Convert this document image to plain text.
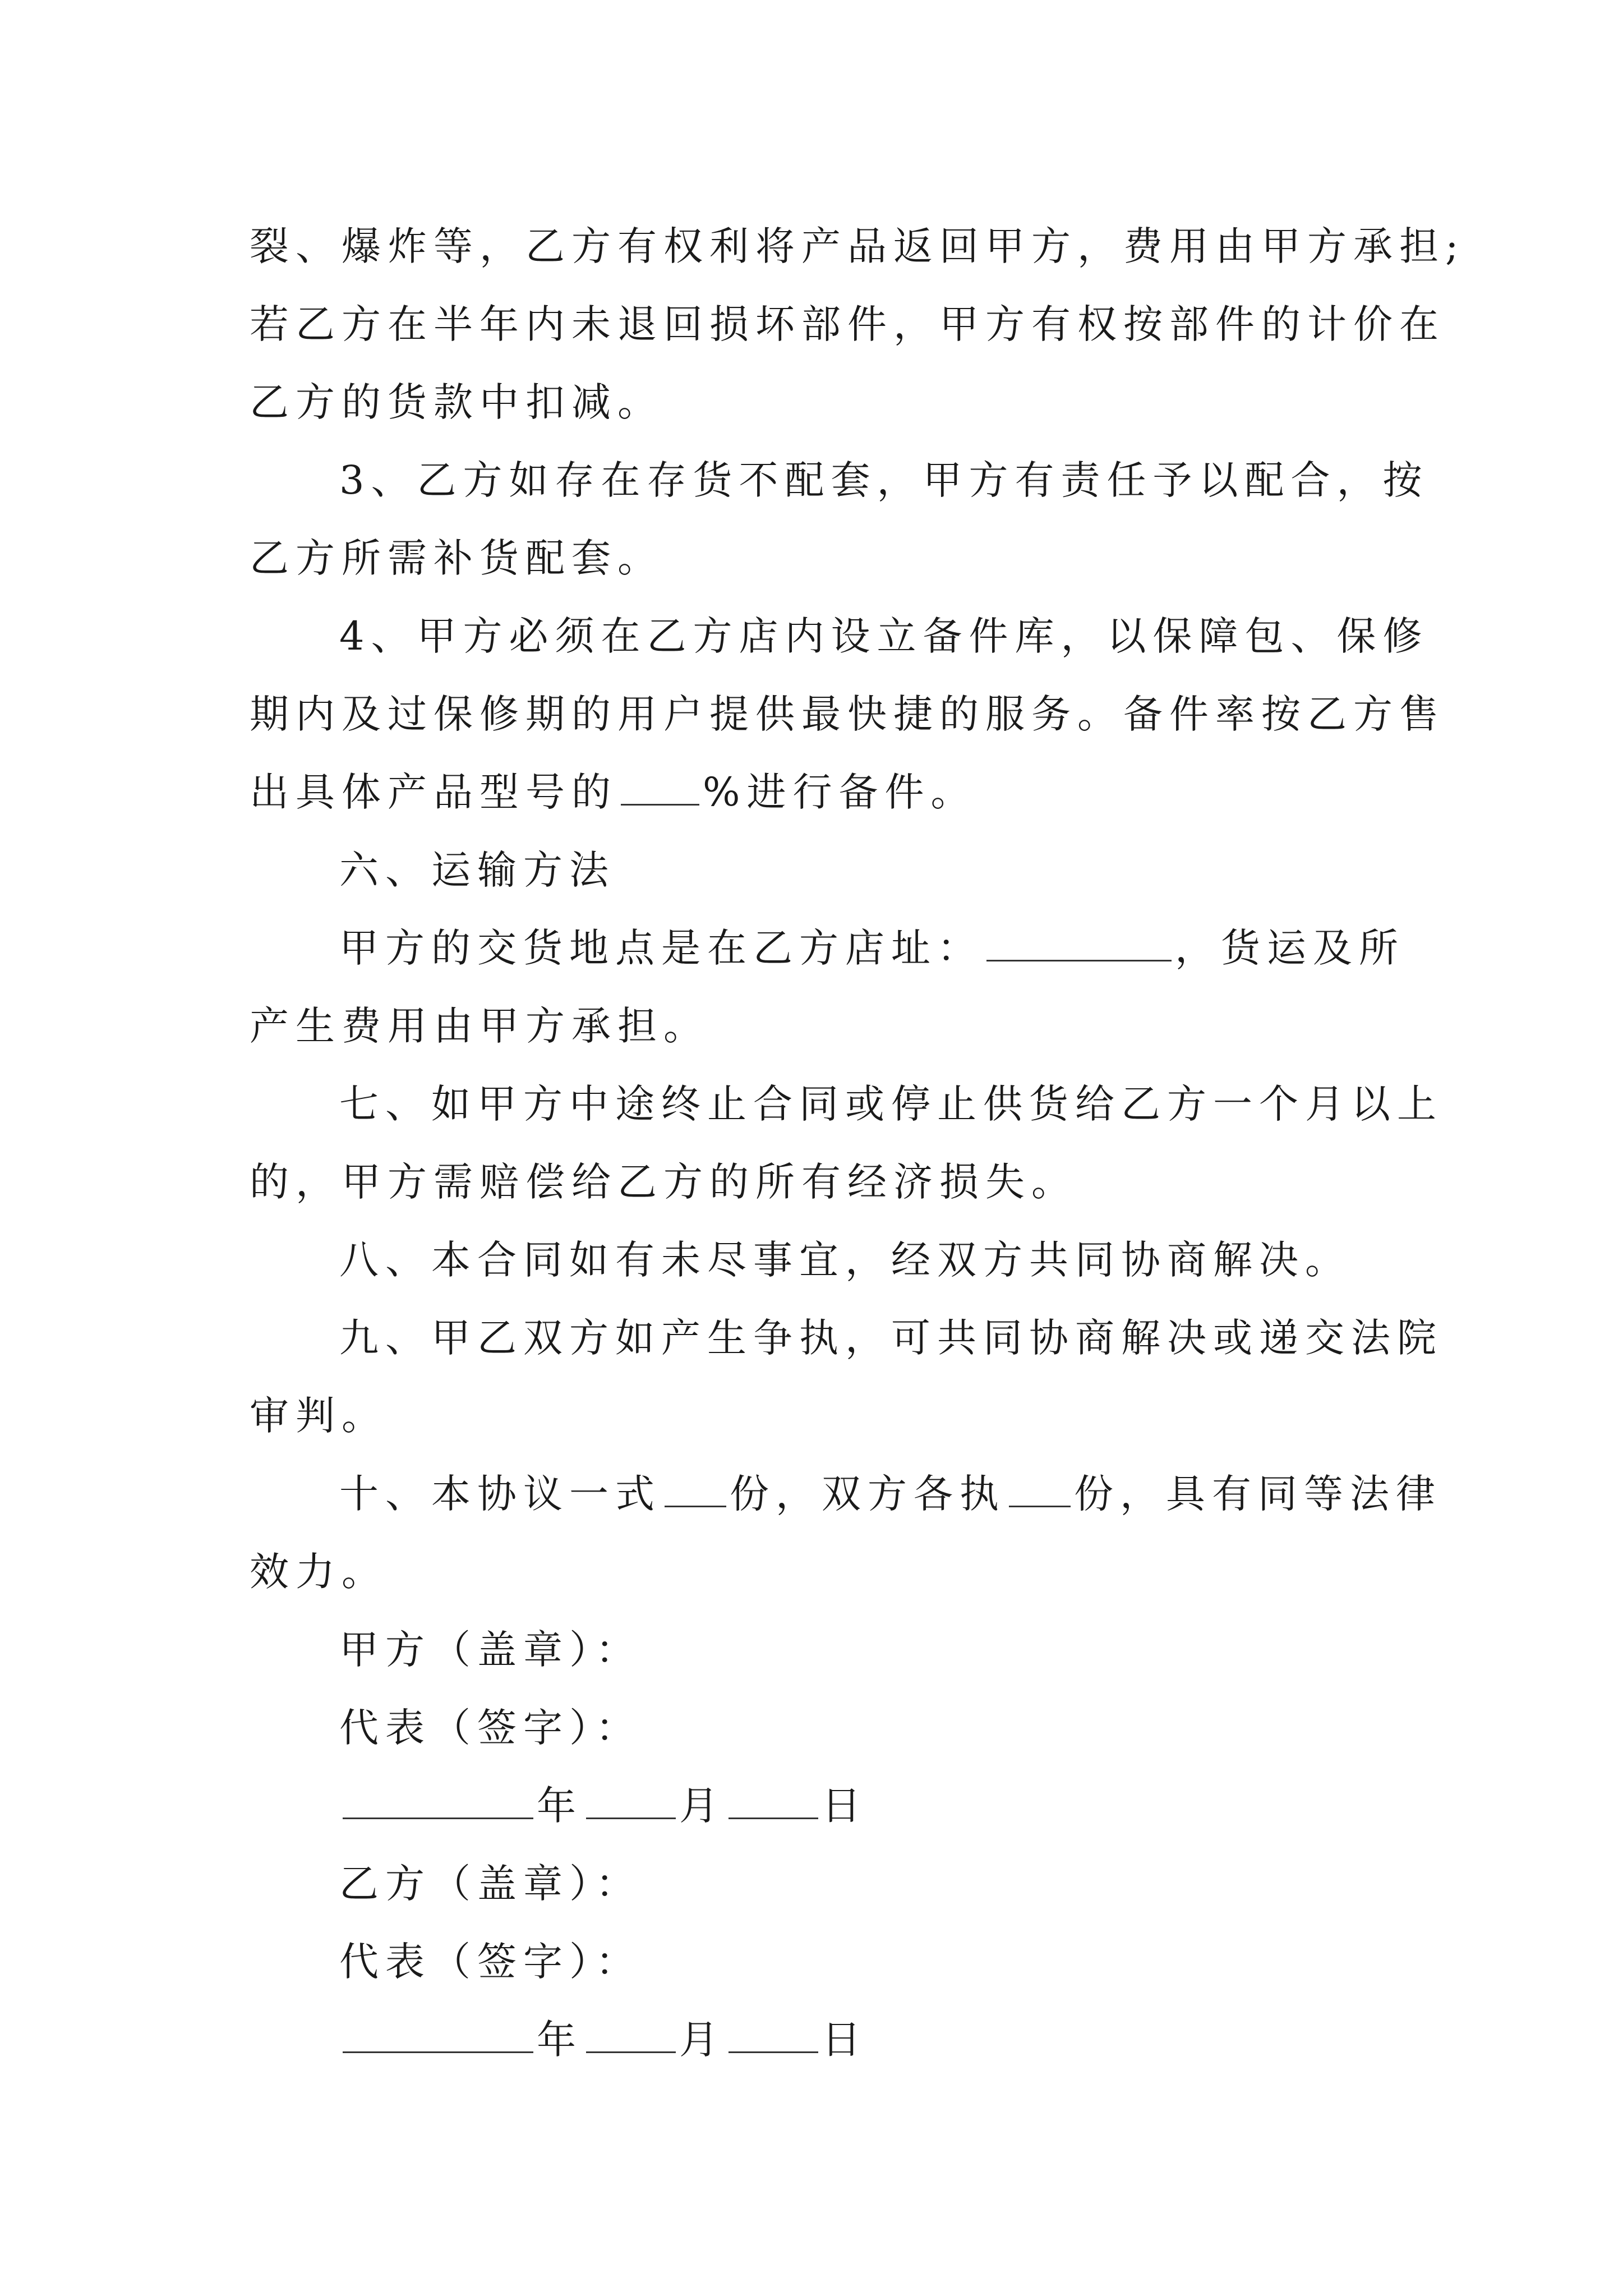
裂、爆炸等，乙方有权利将产品返回甲方，费用由甲方承担;
若乙方在半年内未退回损坏部件，甲方有权按部件的计价在
乙方的货款中扣减。

3、乙方如存在存货不配套，甲方有责任予以配合，按
乙方所需补货配套。

4、甲方必须在乙方店内设立备件库，以保障包、保修
期内及过保修期的用户提供最快捷的服务。备件率按乙方售
出具体产品型号的 %进行备件。

六、运输方法

甲方的交货地点是在乙方店址：	，货运及所
产生费用由甲方承担。

七、如甲方中途终止合同或停止供货给乙方一个月以上
的，甲方需赔偿给乙方的所有经济损失。

八、本合同如有未尽事宜，经双方共同协商解决。

九、甲乙双方如产生争执，可共同协商解决或递交法院
审判。

十、本协议一式 份，双方各执 份，具有同等法律
效力。

甲方（盖章）：

代表（签字）：

年 月 日

乙方（盖章）：

代表（签字）：

年 月 日
